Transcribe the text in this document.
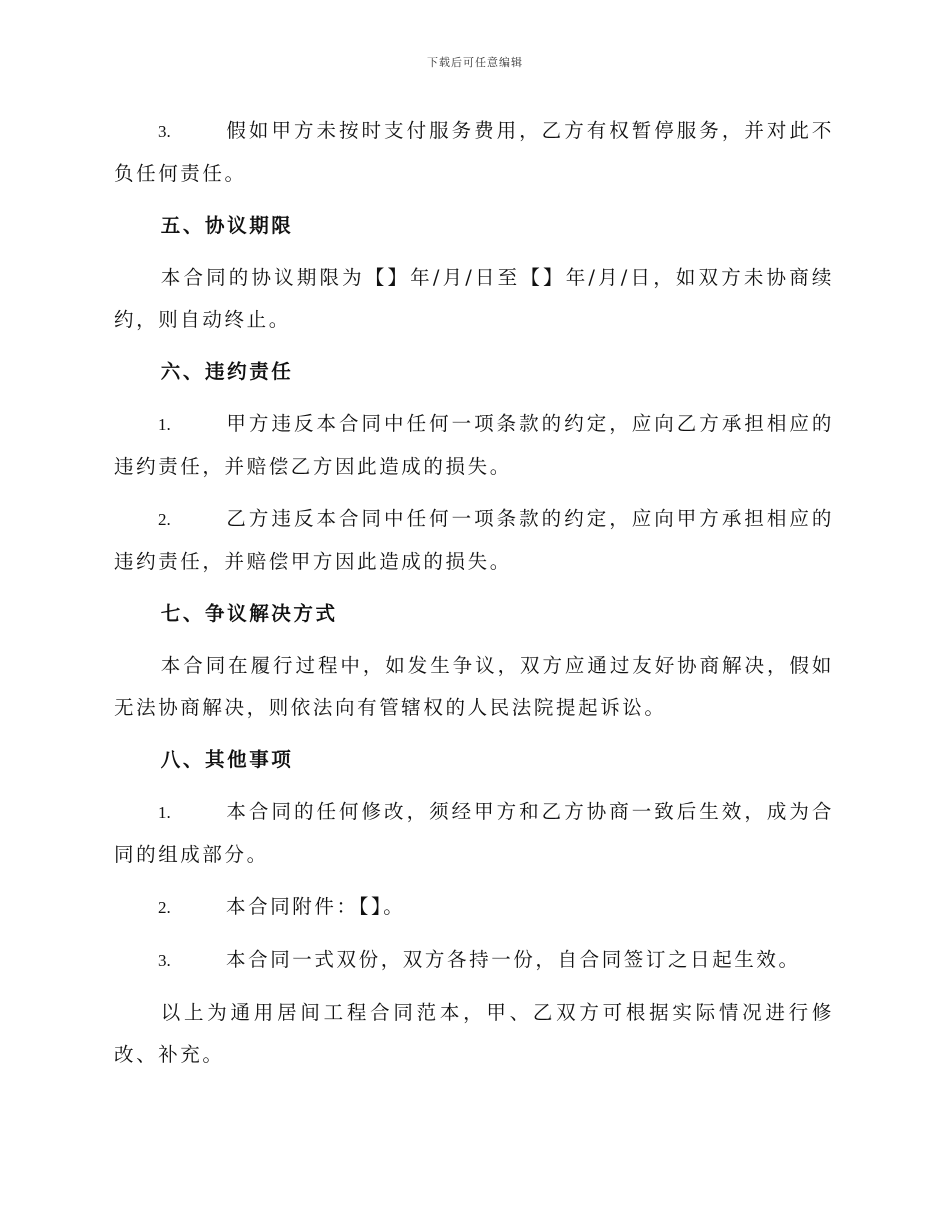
下载后可任意编辑

3.	假如甲方未按时支付服务费用，乙方有权暂停服务，并对此不负任何责任。

五、协议期限

本合同的协议期限为【】年/月/日至【】年/月/日，如双方未协商续约，则自动终止。

六、违约责任

1.	甲方违反本合同中任何一项条款的约定，应向乙方承担相应的违约责任，并赔偿乙方因此造成的损失。

2.	乙方违反本合同中任何一项条款的约定，应向甲方承担相应的违约责任，并赔偿甲方因此造成的损失。

七、争议解决方式

本合同在履行过程中，如发生争议，双方应通过友好协商解决，假如无法协商解决，则依法向有管辖权的人民法院提起诉讼。

八、其他事项

1.	本合同的任何修改，须经甲方和乙方协商一致后生效，成为合同的组成部分。

2.	本合同附件：【】。

3.	本合同一式双份，双方各持一份，自合同签订之日起生效。

以上为通用居间工程合同范本，甲、乙双方可根据实际情况进行修改、补充。
